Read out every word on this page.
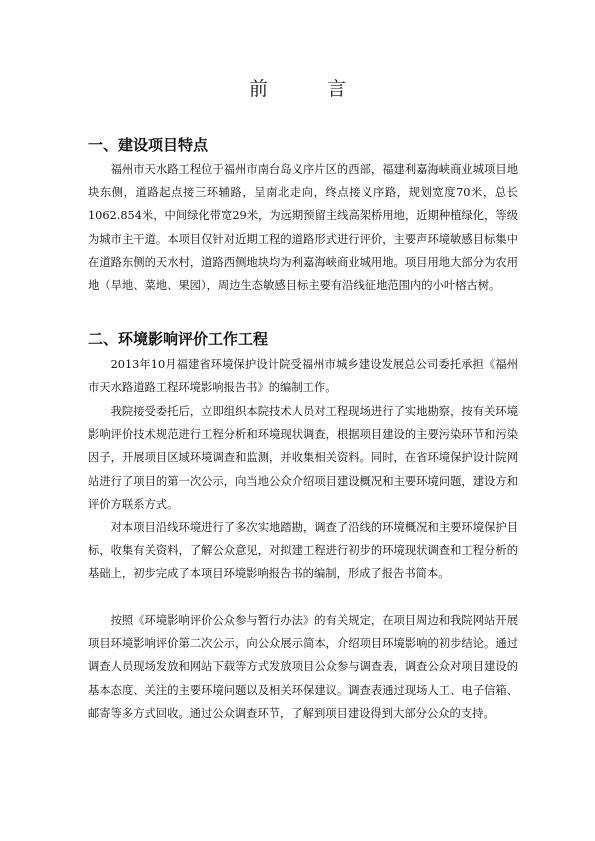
前　言
一、建设项目特点
福州市天水路工程位于福州市南台岛义序片区的西部，福建利嘉海峡商业城项目地块东侧，道路起点接三环辅路，呈南北走向，终点接义序路，规划宽度70米，总长1062.854米，中间绿化带宽29米，为远期预留主线高架桥用地，近期种植绿化，等级为城市主干道。本项目仅针对近期工程的道路形式进行评价，主要声环境敏感目标集中在道路东侧的天水村，道路西侧地块均为利嘉海峡商业城用地。项目用地大部分为农用地（旱地、菜地、果园），周边生态敏感目标主要有沿线征地范围内的小叶榕古树。
二、环境影响评价工作工程
2013年10月福建省环境保护设计院受福州市城乡建设发展总公司委托承担《福州市天水路道路工程环境影响报告书》的编制工作。
我院接受委托后，立即组织本院技术人员对工程现场进行了实地勘察，按有关环境影响评价技术规范进行工程分析和环境现状调查，根据项目建设的主要污染环节和污染因子，开展项目区域环境调查和监测，并收集相关资料。同时，在省环境保护设计院网站进行了项目的第一次公示，向当地公众介绍项目建设概况和主要环境问题，建设方和评价方联系方式。
对本项目沿线环境进行了多次实地踏勘，调查了沿线的环境概况和主要环境保护目标，收集有关资料，了解公众意见，对拟建工程进行初步的环境现状调查和工程分析的基础上，初步完成了本项目环境影响报告书的编制，形成了报告书简本。
按照《环境影响评价公众参与暂行办法》的有关规定，在项目周边和我院网站开展项目环境影响评价第二次公示，向公众展示简本，介绍项目环境影响的初步结论。通过调查人员现场发放和网站下载等方式发放项目公众参与调查表，调查公众对项目建设的基本态度、关注的主要环境问题以及相关环保建议。调查表通过现场人工、电子信箱、邮寄等多方式回收。通过公众调查环节，了解到项目建设得到大部分公众的支持。
